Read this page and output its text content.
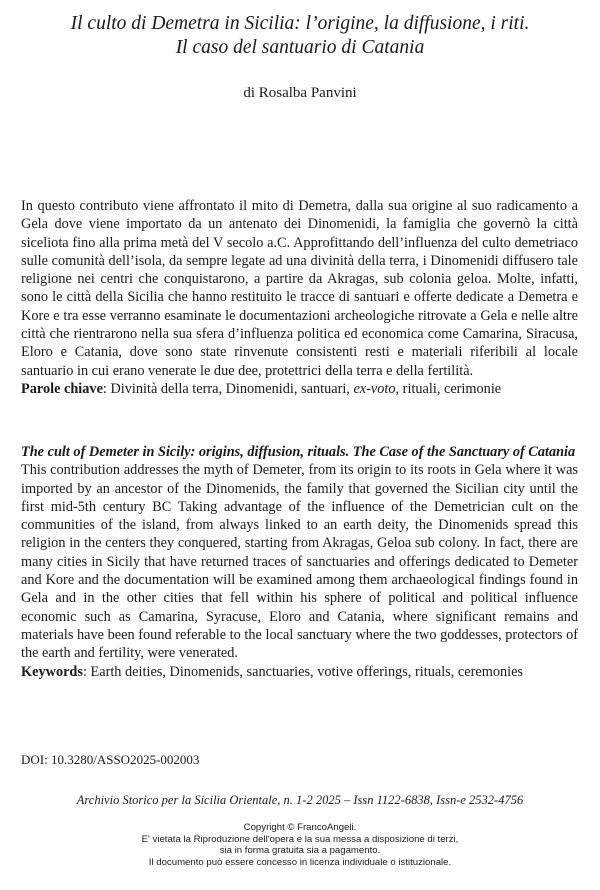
Il culto di Demetra in Sicilia: l’origine, la diffusione, i riti.
Il caso del santuario di Catania
di Rosalba Panvini

In questo contributo viene affrontato il mito di Demetra, dalla sua origine al suo radicamento a Gela dove viene importato da un antenato dei Dinomenidi, la famiglia che governò la città siceliota fino alla prima metà del V secolo a.C. Approfittando dell’influenza del culto demetriaco sulle comunità dell’isola, da sempre legate ad una divinità della terra, i Dinomenidi diffusero tale religione nei centri che conquistarono, a partire da Akragas, sub colonia geloa. Molte, infatti, sono le città della Sicilia che hanno restituito le tracce di santuari e offerte dedicate a Demetra e Kore e tra esse verranno esaminate le documentazioni archeologiche ritrovate a Gela e nelle altre città che rientrarono nella sua sfera d’influenza politica ed economica come Camarina, Siracusa, Eloro e Catania, dove sono state rinvenute consistenti resti e materiali riferibili al locale santuario in cui erano venerate le due dee, protettrici della terra e della fertilità.

Parole chiave: Divinità della terra, Dinomenidi, santuari, ex-voto, rituali, cerimonie

The cult of Demeter in Sicily: origins, diffusion, rituals. The Case of the Sanctuary of Catania

This contribution addresses the myth of Demeter, from its origin to its roots in Gela where it was imported by an ancestor of the Dinomenids, the family that governed the Sicilian city until the first mid-5th century BC Taking advantage of the influence of the Demetrician cult on the communities of the island, from always linked to an earth deity, the Dinomenids spread this religion in the centers they conquered, starting from Akragas, Geloa sub colony. In fact, there are many cities in Sicily that have returned traces of sanctuaries and offerings dedicated to Demeter and Kore and the documentation will be examined among them archaeological findings found in Gela and in the other cities that fell within his sphere of political and political influence economic such as Camarina, Syracuse, Eloro and Catania, where significant remains and materials have been found referable to the local sanctuary where the two goddesses, protectors of the earth and fertility, were venerated.

Keywords: Earth deities, Dinomenids, sanctuaries, votive offerings, rituals, ceremonies

DOI: 10.3280/ASSO2025-002003
Archivio Storico per la Sicilia Orientale, n. 1-2 2025 – Issn 1122-6838, Issn-e 2532-4756
Copyright © FrancoAngeli.
E' vietata la Riproduzione dell'opera e la sua messa a disposizione di terzi,
sia in forma gratuita sia a pagamento.
Il documento può essere concesso in licenza individuale o istituzionale.
